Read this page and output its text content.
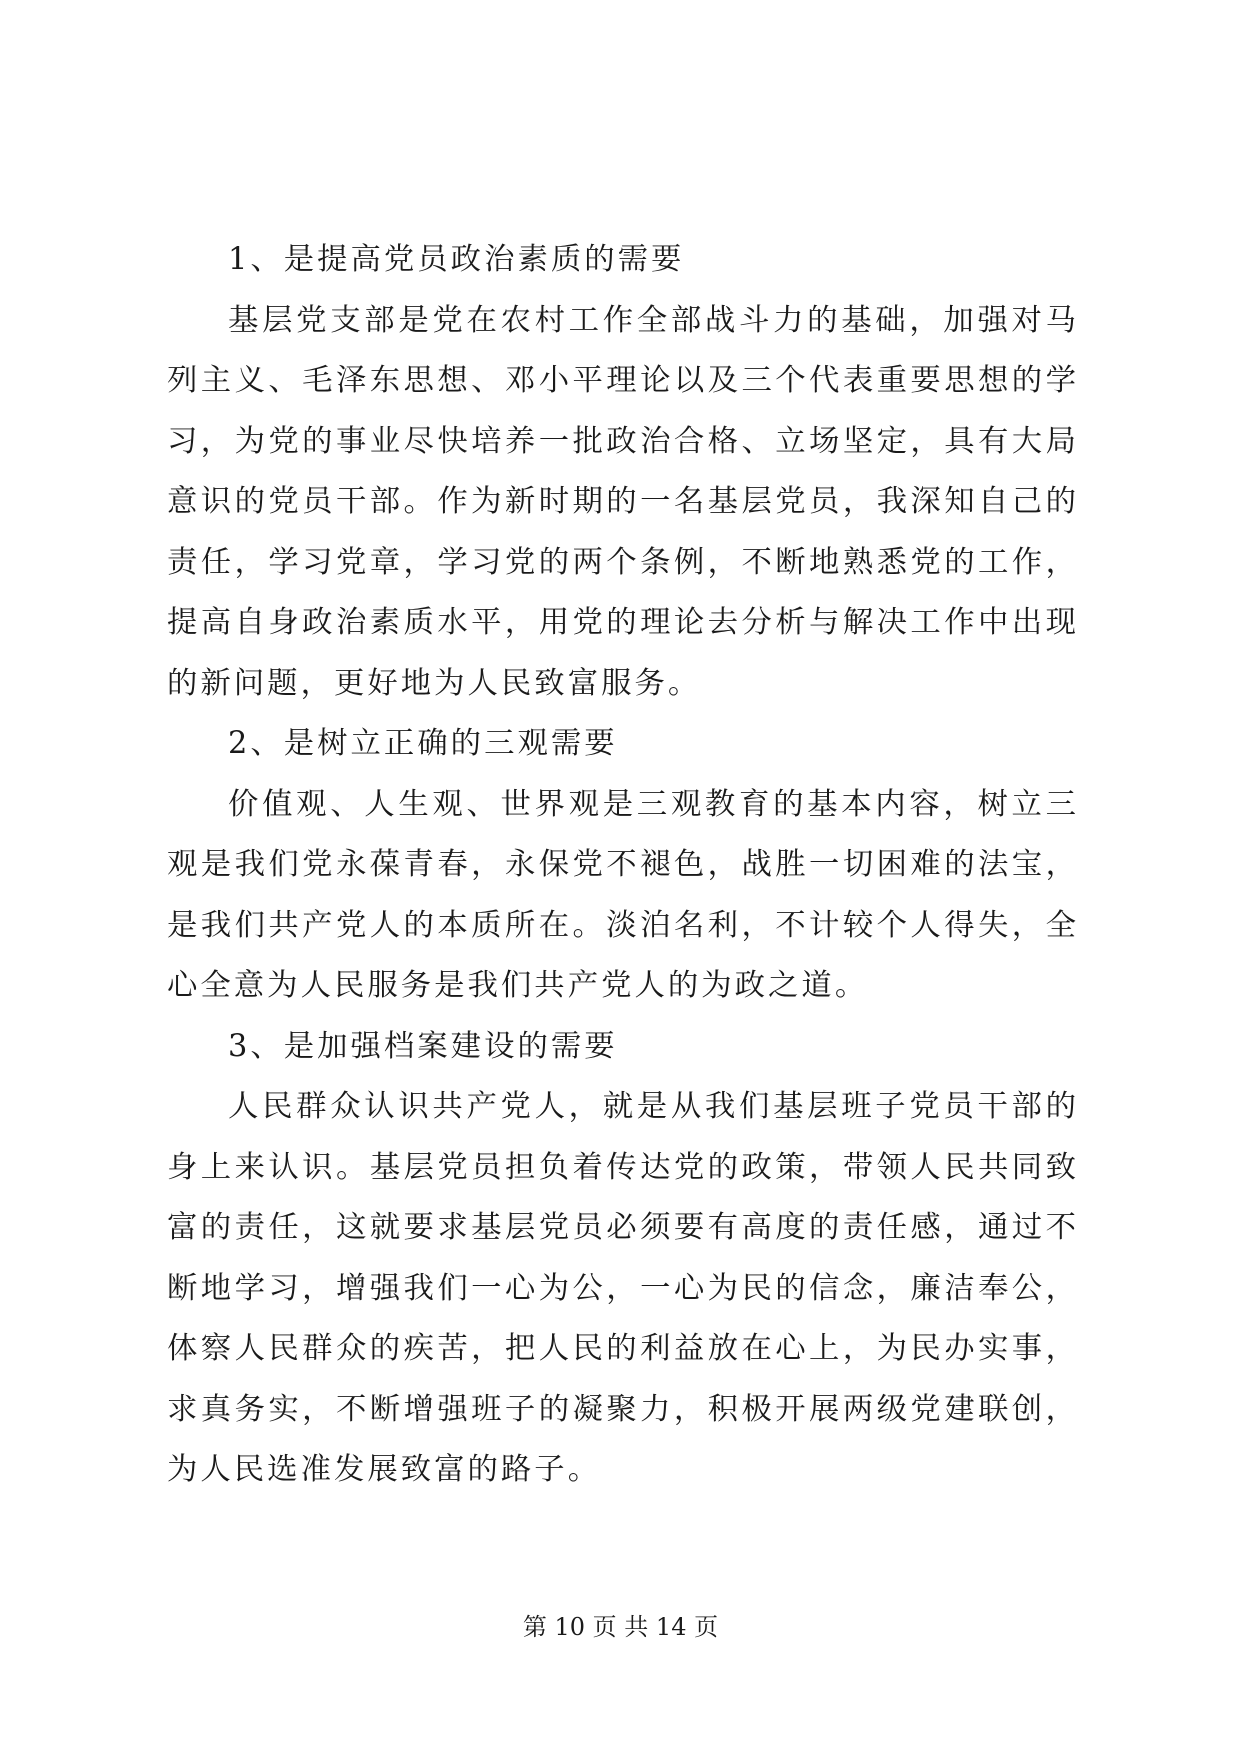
1、是提高党员政治素质的需要

基层党支部是党在农村工作全部战斗力的基础，加强对马列主义、毛泽东思想、邓小平理论以及三个代表重要思想的学习，为党的事业尽快培养一批政治合格、立场坚定，具有大局意识的党员干部。作为新时期的一名基层党员，我深知自己的责任，学习党章，学习党的两个条例，不断地熟悉党的工作，提高自身政治素质水平，用党的理论去分析与解决工作中出现的新问题，更好地为人民致富服务。

2、是树立正确的三观需要

价值观、人生观、世界观是三观教育的基本内容，树立三观是我们党永葆青春，永保党不褪色，战胜一切困难的法宝，是我们共产党人的本质所在。淡泊名利，不计较个人得失，全心全意为人民服务是我们共产党人的为政之道。

3、是加强档案建设的需要

人民群众认识共产党人，就是从我们基层班子党员干部的身上来认识。基层党员担负着传达党的政策，带领人民共同致富的责任，这就要求基层党员必须要有高度的责任感，通过不断地学习，增强我们一心为公，一心为民的信念，廉洁奉公，体察人民群众的疾苦，把人民的利益放在心上，为民办实事，求真务实，不断增强班子的凝聚力，积极开展两级党建联创，为人民选准发展致富的路子。

第 10 页 共 14 页
